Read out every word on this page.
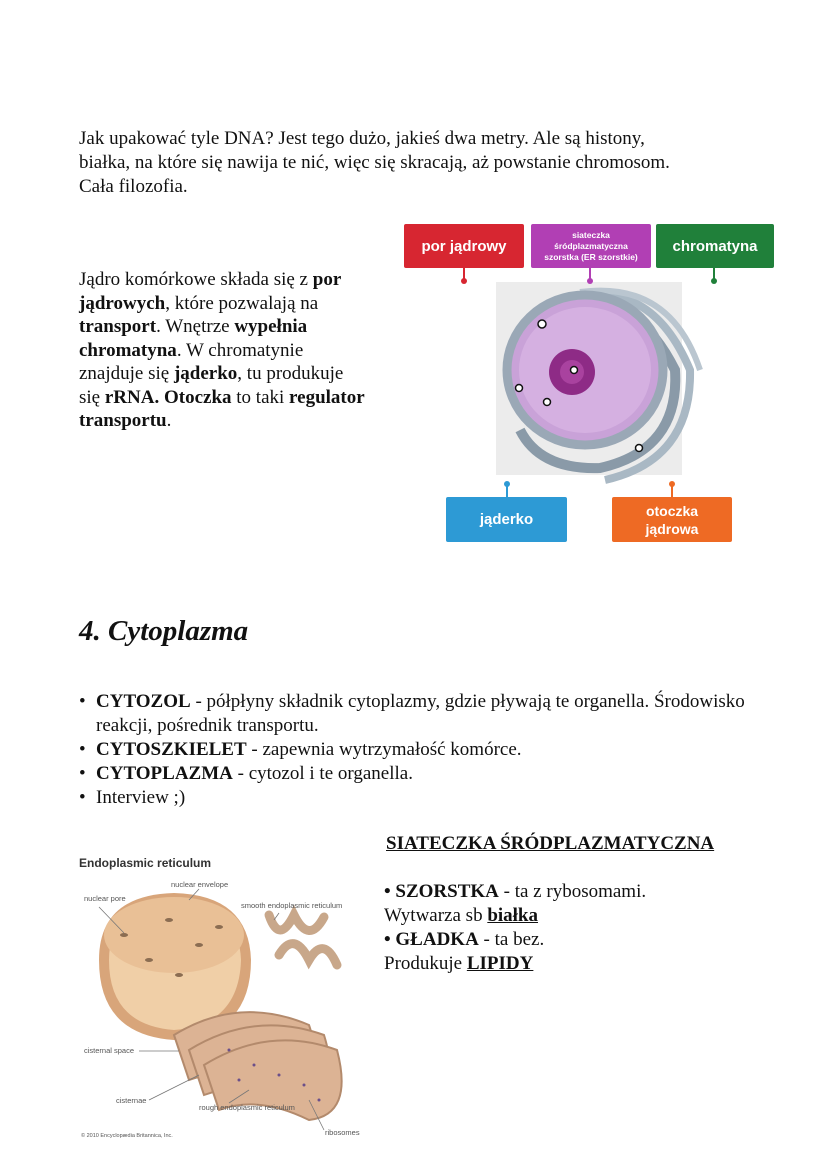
Jak upakować tyle DNA? Jest tego dużo, jakieś dwa metry. Ale są histony,
białka, na które się nawija te nić, więc się skracają, aż powstanie chromosom.
Cała filozofia.
Jądro komórkowe składa się z por jądrowych, które pozwalają na transport. Wnętrze wypełnia chromatyna. W chromatynie znajduje się jąderko, tu produkuje się rRNA. Otoczka to taki regulator transportu.
por jądrowy
siateczka
śródplazmatyczna
szorstka (ER szorstkie)
chromatyna
jąderko
otoczka
jądrowa
4. Cytoplazma
• CYTOZOL - półpłyny składnik cytoplazmy, gdzie pływają te organella. Środowisko reakcji, pośrednik transportu.
• CYTOSZKIELET - zapewnia wytrzymałość komórce.
• CYTOPLAZMA - cytozol i te organella.
• Interview ;)
Endoplasmic reticulum
nuclear envelope
nuclear pore
smooth endoplasmic reticulum
cisternal space
cisternae
rough endoplasmic reticulum
ribosomes
© 2010 Encyclopædia Britannica, Inc.
SIATECZKA ŚRÓDPLAZMATYCZNA
• SZORSTKA - ta z rybosomami.
Wytwarza sb białka
• GŁADKA - ta bez.
Produkuje LIPIDY
